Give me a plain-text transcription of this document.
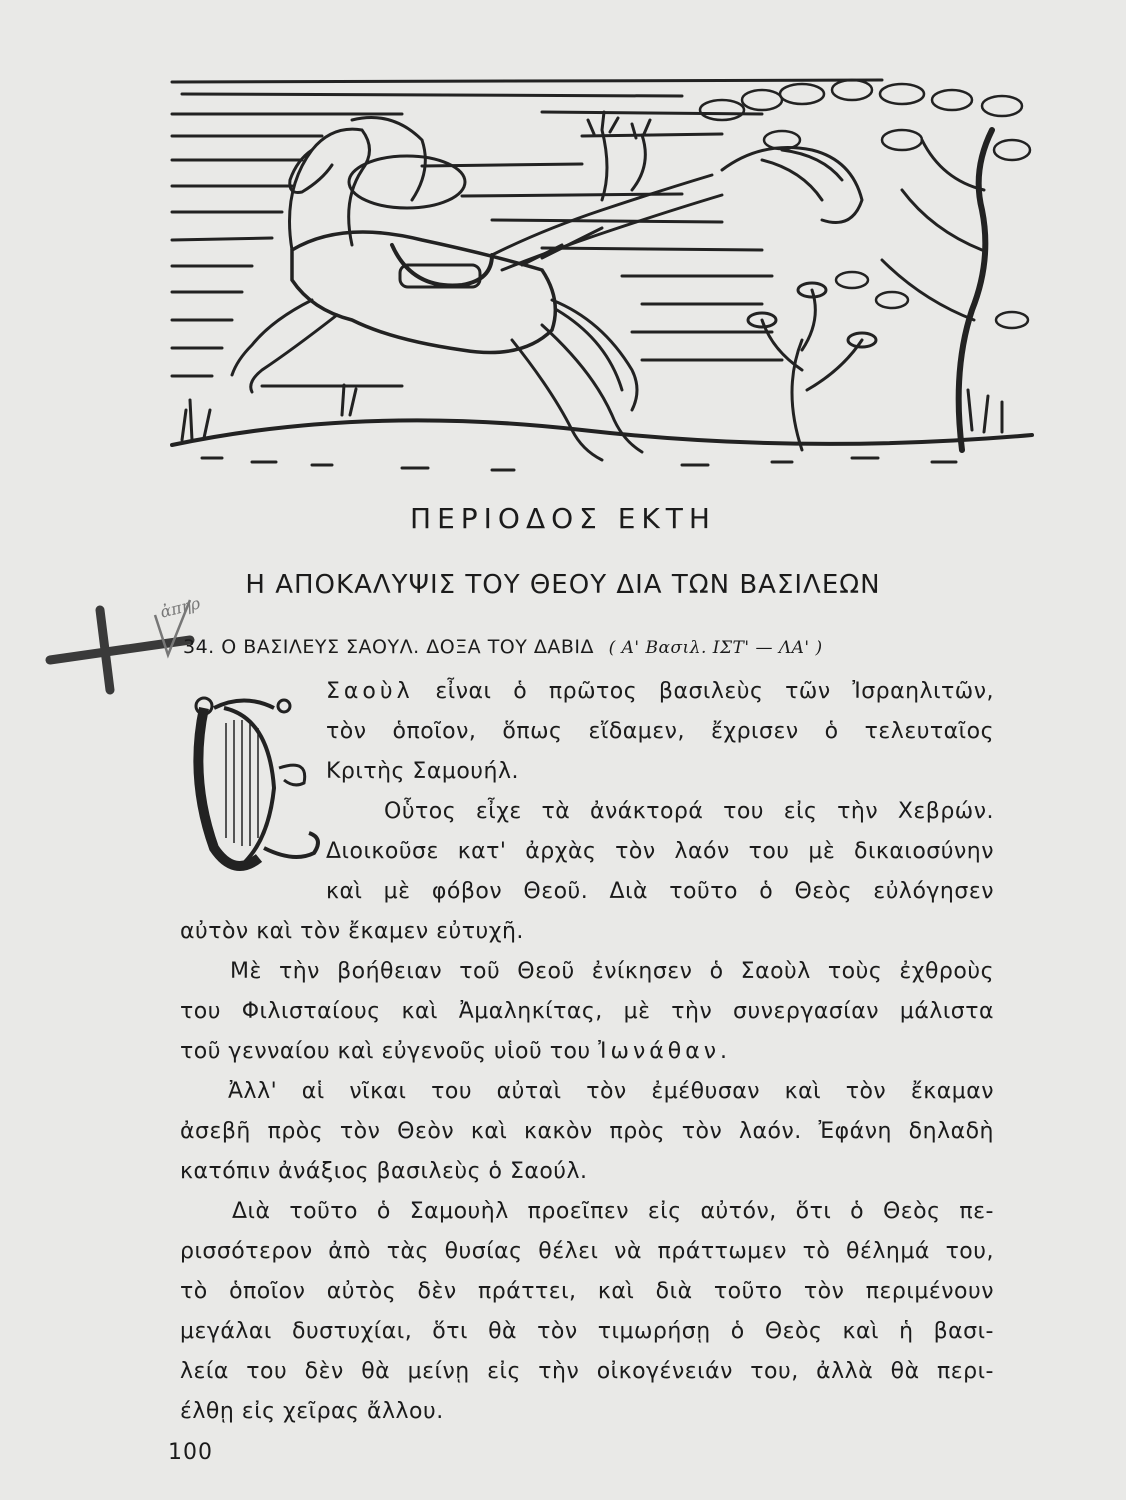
ΠΕΡΙΟΔΟΣ ΕΚΤΗ
Η ΑΠΟΚΑΛΥΨΙΣ ΤΟΥ ΘΕΟΥ ΔΙΑ ΤΩΝ ΒΑΣΙΛΕΩΝ
ἀπηρ
34. Ο ΒΑΣΙΛΕΥΣ ΣΑΟΥΛ. ΔΟΞΑ ΤΟΥ ΔΑΒΙΔ ( Α' Βασιλ. ΙΣΤ' — ΛΑ' )
Σαοὺλ εἶναι ὁ πρῶτος βασιλεὺς τῶν Ἰσραηλιτῶν,
τὸν ὁποῖον, ὅπως εἴδαμεν, ἔχρισεν ὁ τελευταῖος
Κριτὴς Σαμουήλ.
Οὗτος εἶχε τὰ ἀνάκτορά του εἰς τὴν Χεβρών.
Διοικοῦσε κατ' ἀρχὰς τὸν λαόν του μὲ δικαιοσύνην
καὶ μὲ φόβον Θεοῦ. Διὰ τοῦτο ὁ Θεὸς εὐλόγησεν
αὐτὸν καὶ τὸν ἔκαμεν εὐτυχῆ.
Μὲ τὴν βοήθειαν τοῦ Θεοῦ ἐνίκησεν ὁ Σαοὺλ τοὺς ἐχθροὺς
του Φιλισταίους καὶ Ἀμαληκίτας, μὲ τὴν συνεργασίαν μάλιστα
τοῦ γενναίου καὶ εὐγενοῦς υἱοῦ του Ἰωνάθαν.
Ἀλλ' αἱ νῖκαι του αὐταὶ τὸν ἐμέθυσαν καὶ τὸν ἔκαμαν
ἀσεβῆ πρὸς τὸν Θεὸν καὶ κακὸν πρὸς τὸν λαόν. Ἐφάνη δηλαδὴ
κατόπιν ἀνάξιος βασιλεὺς ὁ Σαούλ.
Διὰ τοῦτο ὁ Σαμουὴλ προεῖπεν εἰς αὐτόν, ὅτι ὁ Θεὸς πε-
ρισσότερον ἀπὸ τὰς θυσίας θέλει νὰ πράττωμεν τὸ θέλημά του,
τὸ ὁποῖον αὐτὸς δὲν πράττει, καὶ διὰ τοῦτο τὸν περιμένουν
μεγάλαι δυστυχίαι, ὅτι θὰ τὸν τιμωρήσῃ ὁ Θεὸς καὶ ἡ βασι-
λεία του δὲν θὰ μείνῃ εἰς τὴν οἰκογένειάν του, ἀλλὰ θὰ περι-
έλθῃ εἰς χεῖρας ἄλλου.
100
